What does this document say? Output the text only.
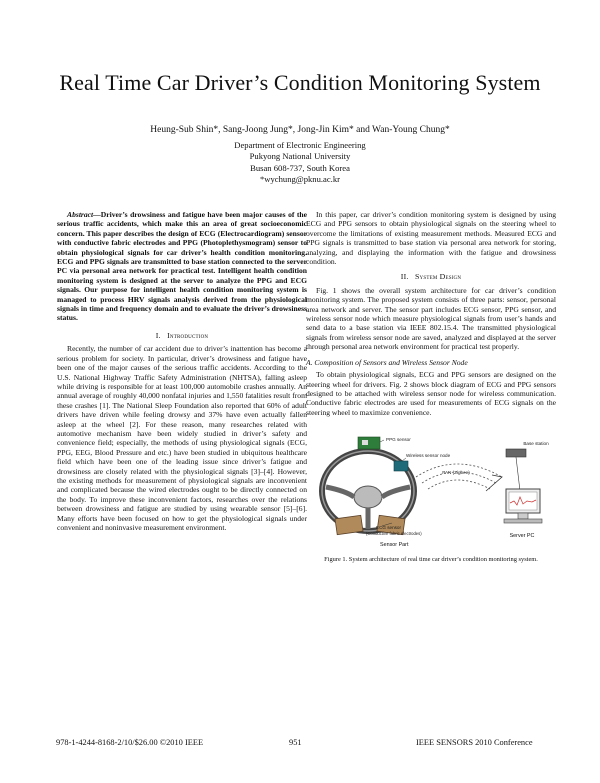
Real Time Car Driver’s Condition Monitoring System
Heung-Sub Shin*, Sang-Joong Jung*, Jong-Jin Kim* and Wan-Young Chung*
Department of Electronic Engineering
Pukyong National University
Busan 608-737, South Korea
*wychung@pknu.ac.kr

Abstract—Driver’s drowsiness and fatigue have been major causes of the serious traffic accidents, which make this an area of great socioeconomic concern. This paper describes the design of ECG (Electrocardiogram) sensor with conductive fabric electrodes and PPG (Photoplethysmogram) sensor to obtain physiological signals for car driver’s health condition monitoring. ECG and PPG signals are transmitted to base station connected to the server PC via personal area network for practical test. Intelligent health condition monitoring system is designed at the server to analyze the PPG and ECG signals. Our purpose for intelligent health condition monitoring system is managed to process HRV signals analysis derived from the physiological signals in time and frequency domain and to evaluate the driver’s drowsiness status.

I. Introduction

Recently, the number of car accident due to driver’s inattention has become a serious problem for society. In particular, driver’s drowsiness and fatigue have been one of the major causes of the serious traffic accidents. According to the U.S. National Highway Traffic Safety Administration (NHTSA), falling asleep while driving is responsible for at least 100,000 automobile crashes annually. An annual average of roughly 40,000 nonfatal injuries and 1,550 fatalities result from these crashes [1]. The National Sleep Foundation also reported that 60% of adult drivers have driven while feeling drowsy and 37% have even actually fallen asleep at the wheel [2]. For these reason, many researches related with automotive mechanism have been widely studied in driver’s safety and convenience field; especially, the methods of using physiological signals (ECG, PPG, EEG, Blood Pressure and etc.) have been studied in ubiquitous healthcare field which have been one of the leading issue since driver’s fatigue and drowsiness are closely related with the physiological signals [3]–[4]. However, the existing methods for measurement of physiological signals are inconvenient and complicated because the wired electrodes ought to be directly connected on the body. To improve these inconvenient factors, researches over the relations between drowsiness and fatigue are studied by using wearable sensor [5]–[6]. Many efforts have been focused on how to get the physiological signals under convenient and noninvasive measurement environment.

In this paper, car driver’s condition monitoring system is designed by using ECG and PPG sensors to obtain physiological signals on the steering wheel to overcome the limitations of existing measurement methods. Measured ECG and PPG signals is transmitted to base station via personal area network for storing, analyzing, and displaying the information with the fatigue and drowsiness condition.

II. System Design

Fig. 1 shows the overall system architecture for car driver’s condition monitoring system. The proposed system consists of three parts: sensor, personal area network and server. The sensor part includes ECG sensor, PPG sensor, and wireless sensor node which measure physiological signals from user’s hands and send data to a base station via IEEE 802.15.4. The transmitted physiological signals from wireless sensor node are saved, analyzed and displayed at the server through personal area network environment for practical test properly.

A. Composition of Sensors and Wireless Sensor Node

To obtain physiological signals, ECG and PPG sensors are designed on the steering wheel for drivers. Fig. 2 shows block diagram of ECG and PPG sensors designed to be attached with wireless sensor node for wireless communication. Conductive fabric electrodes are used for measurements of ECG signals on the steering wheel to maximize convenience.

PPG sensor
Wireless sensor node
PAN (Zigbee)
Base station
Server PC
ECG sensor
(Conductive fabric electrodes)
Sensor Part
Figure 1. System architecture of real time car driver’s condition monitoring system.
978-1-4244-8168-2/10/$26.00 ©2010 IEEE	951	IEEE SENSORS 2010 Conference
